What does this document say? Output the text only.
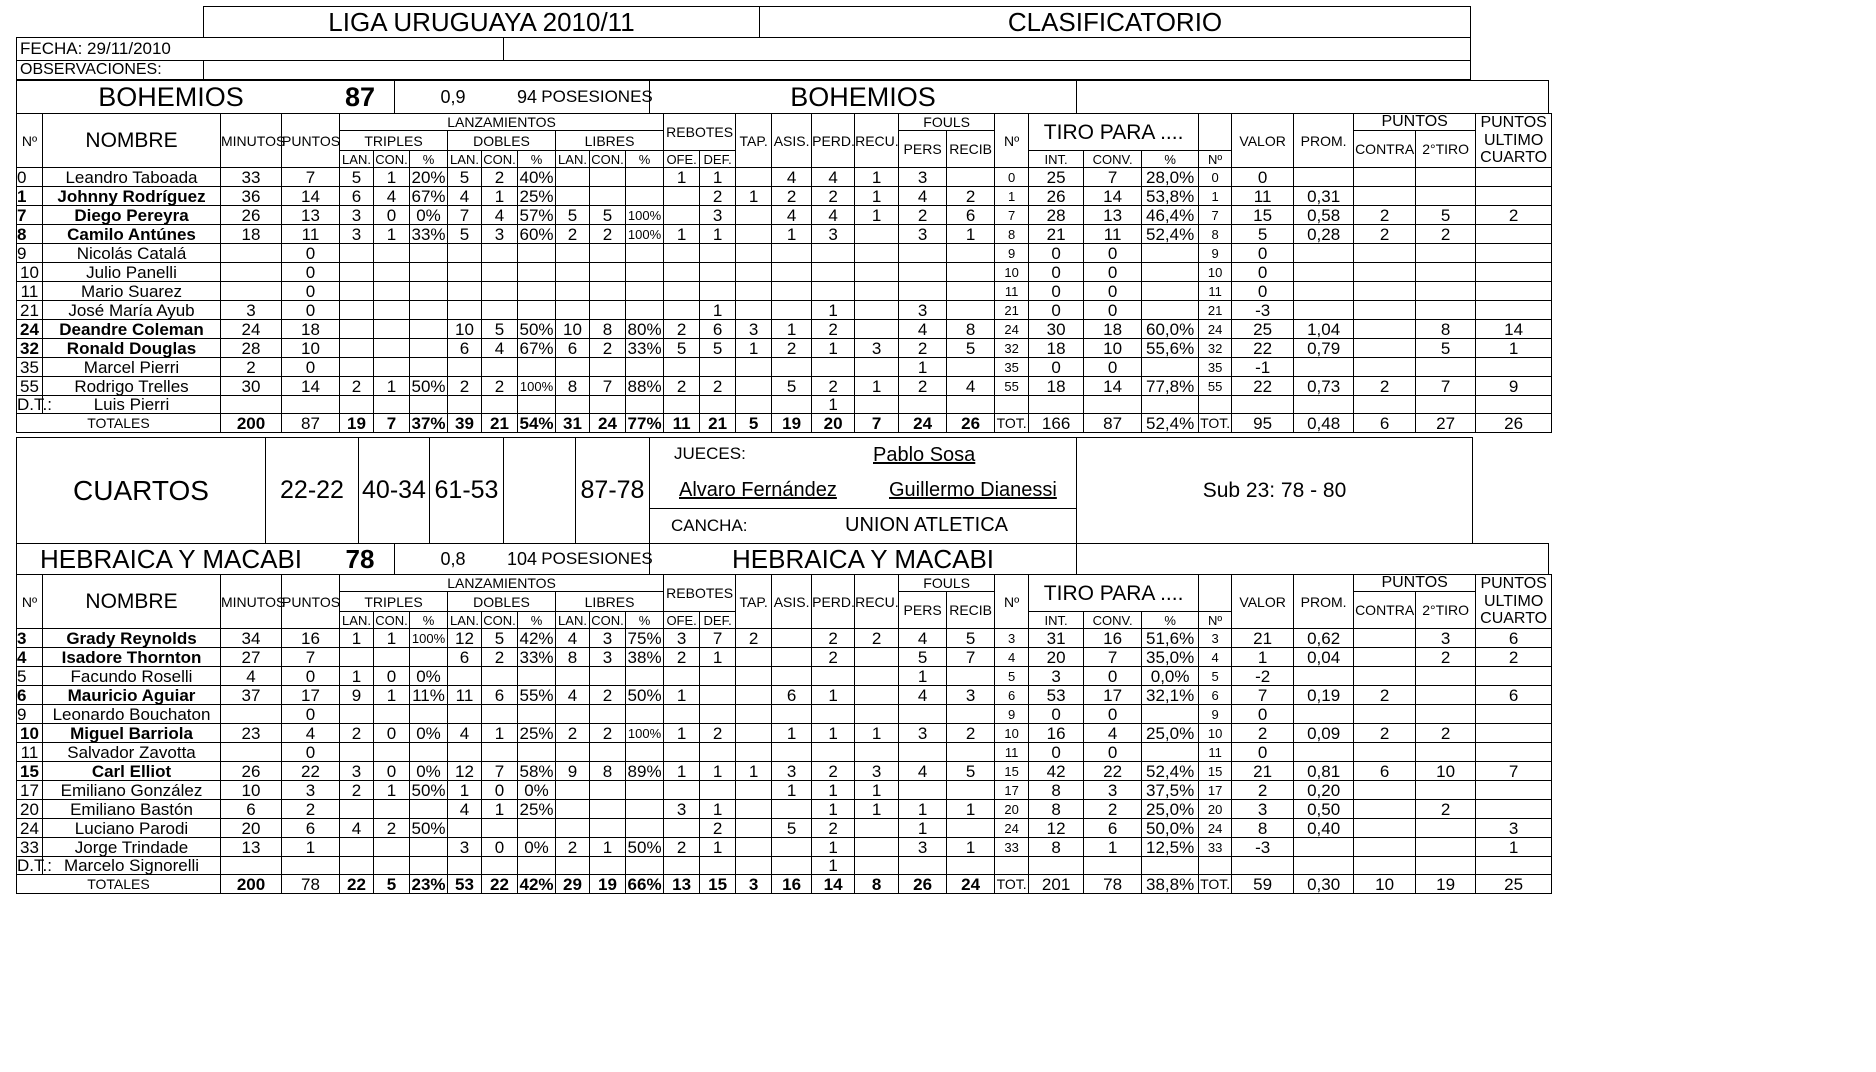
LIGA URUGUAYA 2010/11	CLASIFICATORIO
FECHA: 29/11/2010
OBSERVACIONES:
BOHEMIOS	87	0,9	94 POSESIONES	BOHEMIOS
Nº	NOMBRE	MINUTOS	PUNTOS	LANZAMIENTOS									REBOTES		TAP.	ASIS.	PERD.	RECU.	FOULS		Nº	TIRO PARA ....				VALOR	PROM.	PUNTOS		PUNTOS ULTIMO CUARTO
				TRIPLES			DOBLES			LIBRES									PERS	RECIB								CONTRA	2°TIRO	
				LAN.	CON.	%	LAN.	CON.	%	LAN.	CON.	%	OFE.	DEF.								INT.	CONV.	%	Nº					
0	Leandro Taboada	33	7	5	1	20%	5	2	40%				1	1		4	4	1	3		0	25	7	28,0%	0	0				
1	Johnny Rodríguez	36	14	6	4	67%	4	1	25%					2	1	2	2	1	4	2	1	26	14	53,8%	1	11	0,31			
7	Diego Pereyra	26	13	3	0	0%	7	4	57%	5	5	100%		3		4	4	1	2	6	7	28	13	46,4%	7	15	0,58	2	5	2
8	Camilo Antúnes	18	11	3	1	33%	5	3	60%	2	2	100%	1	1		1	3		3	1	8	21	11	52,4%	8	5	0,28	2	2	
9	Nicolás Catalá		0																		9	0	0		9	0				
10	Julio Panelli		0																		10	0	0		10	0				
11	Mario Suarez		0																		11	0	0		11	0				
21	José María Ayub	3	0											1			1		3		21	0	0		21	-3				
24	Deandre Coleman	24	18				10	5	50%	10	8	80%	2	6	3	1	2		4	8	24	30	18	60,0%	24	25	1,04		8	14
32	Ronald Douglas	28	10				6	4	67%	6	2	33%	5	5	1	2	1	3	2	5	32	18	10	55,6%	32	22	0,79		5	1
35	Marcel Pierri	2	0																1		35	0	0		35	-1				
55	Rodrigo Trelles	30	14	2	1	50%	2	2	100%	8	7	88%	2	2		5	2	1	2	4	55	18	14	77,8%	55	22	0,73	2	7	9
D.T.:	Luis Pierri																1													
TOTALES		200	87	19	7	37%	39	21	54%	31	24	77%	11	21	5	19	20	7	24	26	TOT.	166	87	52,4%	TOT.	95	0,48	6	27	26
CUARTOS	22-22 40-34 61-53	87-78
JUECES:	Pablo Sosa
Alvaro Fernández	Guillermo Dianessi
CANCHA:	UNION ATLETICA
Sub 23: 78 - 80
HEBRAICA Y MACABI	78	0,8	104 POSESIONES	HEBRAICA Y MACABI
Nº	NOMBRE	MINUTOS	PUNTOS	LANZAMIENTOS									REBOTES		TAP.	ASIS.	PERD.	RECU.	FOULS		Nº	TIRO PARA ....				VALOR	PROM.	PUNTOS		PUNTOS ULTIMO CUARTO
				TRIPLES			DOBLES			LIBRES									PERS	RECIB								CONTRA	2°TIRO	
				LAN.	CON.	%	LAN.	CON.	%	LAN.	CON.	%	OFE.	DEF.								INT.	CONV.	%	Nº					
3	Grady Reynolds	34	16	1	1	100%	12	5	42%	4	3	75%	3	7	2		2	2	4	5	3	31	16	51,6%	3	21	0,62		3	6
4	Isadore Thornton	27	7				6	2	33%	8	3	38%	2	1			2		5	7	4	20	7	35,0%	4	1	0,04		2	2
5	Facundo Roselli	4	0	1	0	0%													1		5	3	0	0,0%	5	-2				
6	Mauricio Aguiar	37	17	9	1	11%	11	6	55%	4	2	50%	1			6	1		4	3	6	53	17	32,1%	6	7	0,19	2		6
9	Leonardo Bouchaton		0																		9	0	0		9	0				
10	Miguel Barriola	23	4	2	0	0%	4	1	25%	2	2	100%	1	2		1	1	1	3	2	10	16	4	25,0%	10	2	0,09	2	2	
11	Salvador Zavotta		0																		11	0	0		11	0				
15	Carl Elliot	26	22	3	0	0%	12	7	58%	9	8	89%	1	1	1	3	2	3	4	5	15	42	22	52,4%	15	21	0,81	6	10	7
17	Emiliano González	10	3	2	1	50%	1	0	0%							1	1	1			17	8	3	37,5%	17	2	0,20			
20	Emiliano Bastón	6	2				4	1	25%				3	1			1	1	1	1	20	8	2	25,0%	20	3	0,50		2	
24	Luciano Parodi	20	6	4	2	50%								2		5	2		1		24	12	6	50,0%	24	8	0,40			3
33	Jorge Trindade	13	1				3	0	0%	2	1	50%	2	1			1		3	1	33	8	1	12,5%	33	-3				1
D.T.:	Marcelo Signorelli																1													
TOTALES		200	78	22	5	23%	53	22	42%	29	19	66%	13	15	3	16	14	8	26	24	TOT.	201	78	38,8%	TOT.	59	0,30	10	19	25
